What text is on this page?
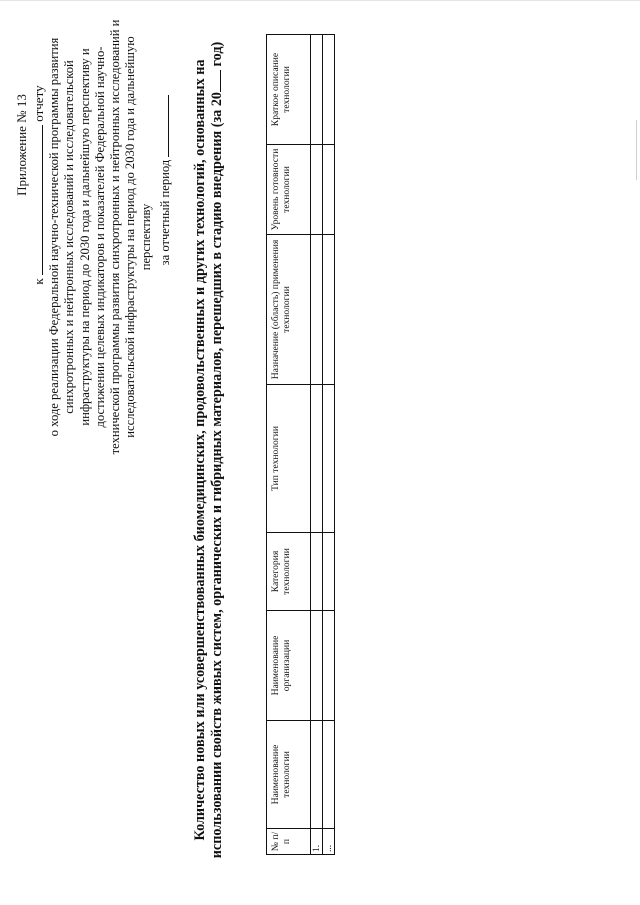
Приложение № 13
к  отчету о ходе реализации Федеральной научно-технической программы развития синхротронных и нейтронных исследований и исследовательской инфраструктуры на период до 2030 года и дальнейшую перспективу и достижении целевых индикаторов и показателей Федеральной научно-технической программы развития синхротронных и нейтронных исследований и исследовательской инфраструктуры на период до 2030 года и дальнейшую перспективу за отчетный период Количество новых или усовершенствованных биомедицинских, продовольственных и других технологий, основанных на использовании свойств живых систем, органических и гибридных материалов, перешедших в стадию внедрения (за 20 год)
№ п/п	Наименование технологии	Наименование организации	Категория технологии	Тип технологии	Назначение (область) применения технологии	Уровень готовности технологии	Краткое описание технологии
1.							
...							
